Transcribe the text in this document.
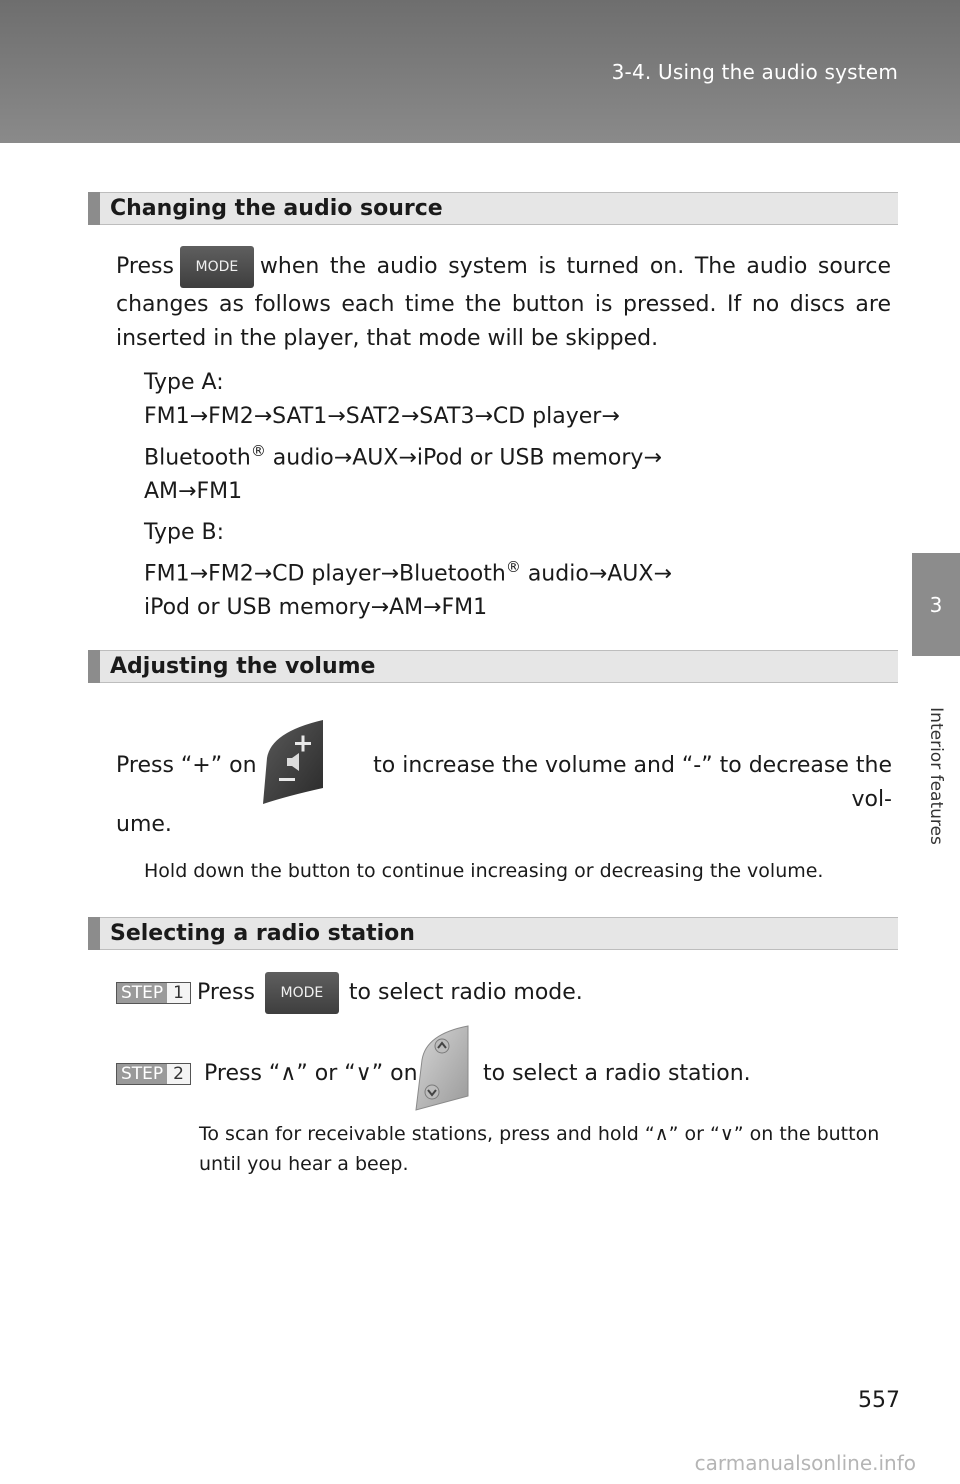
3-4. Using the audio system
3
Interior features
Changing the audio source
Press	MODE when the audio system is turned on. The audio source
changes as follows each time the button is pressed. If no discs are
inserted in the player, that mode will be skipped.
Type A:
FM1→FM2→SAT1→SAT2→SAT3→CD player→
Bluetooth® audio→AUX→iPod or USB memory→
AM→FM1
Type B:
FM1→FM2→CD player→Bluetooth® audio→AUX→
iPod or USB memory→AM→FM1
Adjusting the volume
Press “+” on	to increase the volume and “-” to decrease the vol-
ume.
Hold down the button to continue increasing or decreasing the volume.
Selecting a radio station
STEP 1 Press	MODE	to select radio mode.
STEP 2 Press “∧” or “∨” on	to select a radio station.
To scan for receivable stations, press and hold “∧” or “∨” on the button
until you hear a beep.
557
carmanualsonline.info
